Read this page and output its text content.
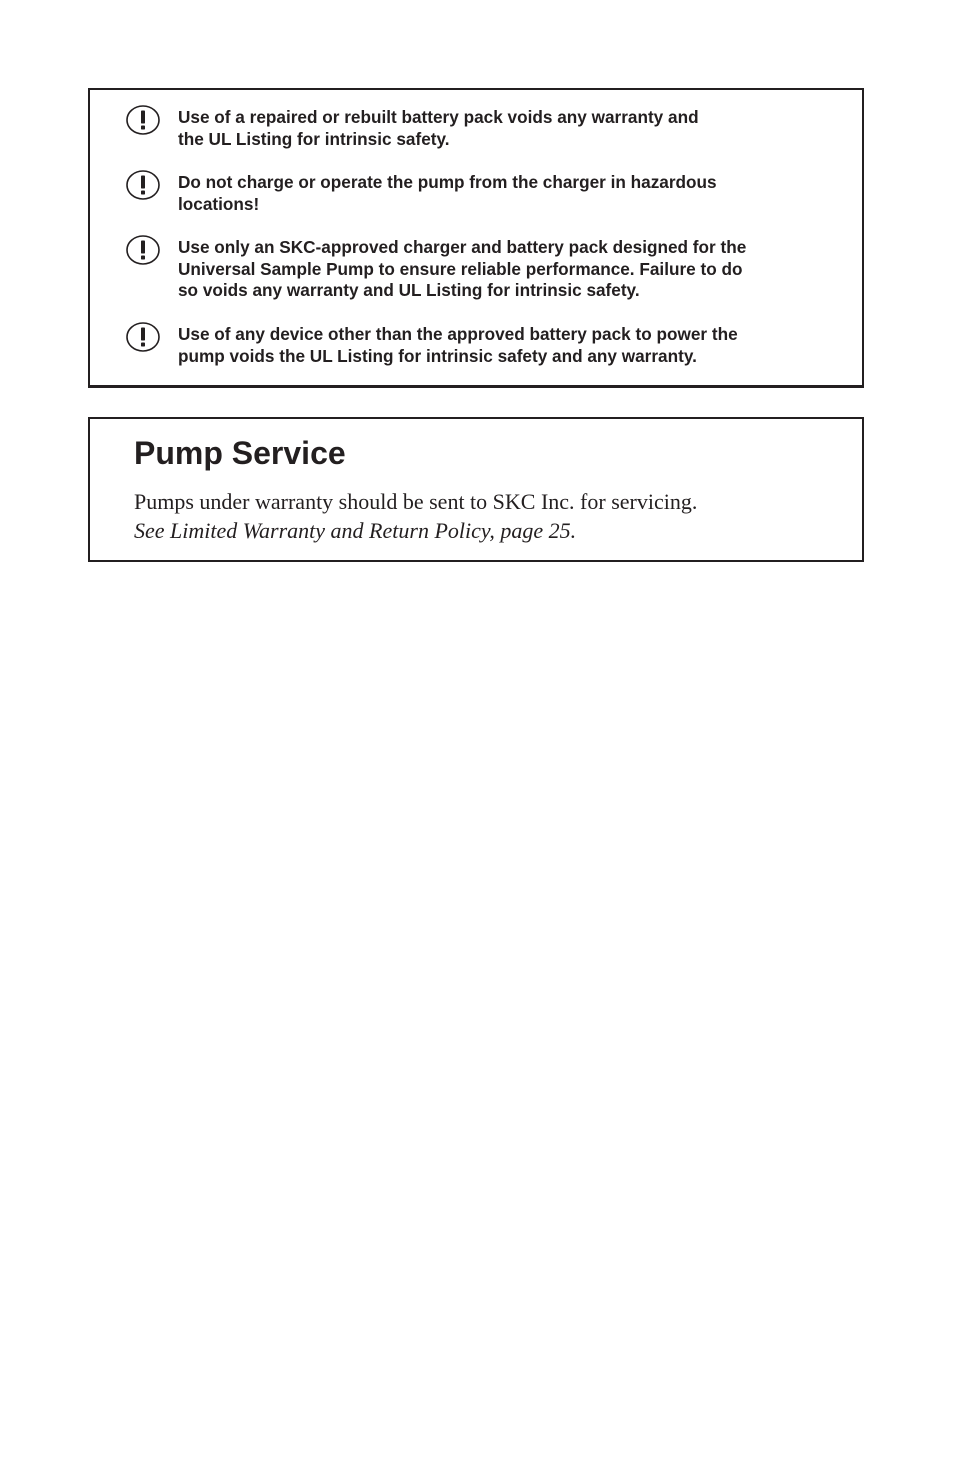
Use of a repaired or rebuilt battery pack voids any warranty and
the UL Listing for intrinsic safety.

Do not charge or operate the pump from the charger in hazardous
locations!

Use only an SKC-approved charger and battery pack designed for the
Universal Sample Pump to ensure reliable performance. Failure to do
so voids any warranty and UL Listing for intrinsic safety.

Use of any device other than the approved battery pack to power the
pump voids the UL Listing for intrinsic safety and any warranty.

Pump Service

Pumps under warranty should be sent to SKC Inc. for servicing.

See Limited Warranty and Return Policy, page 25.
